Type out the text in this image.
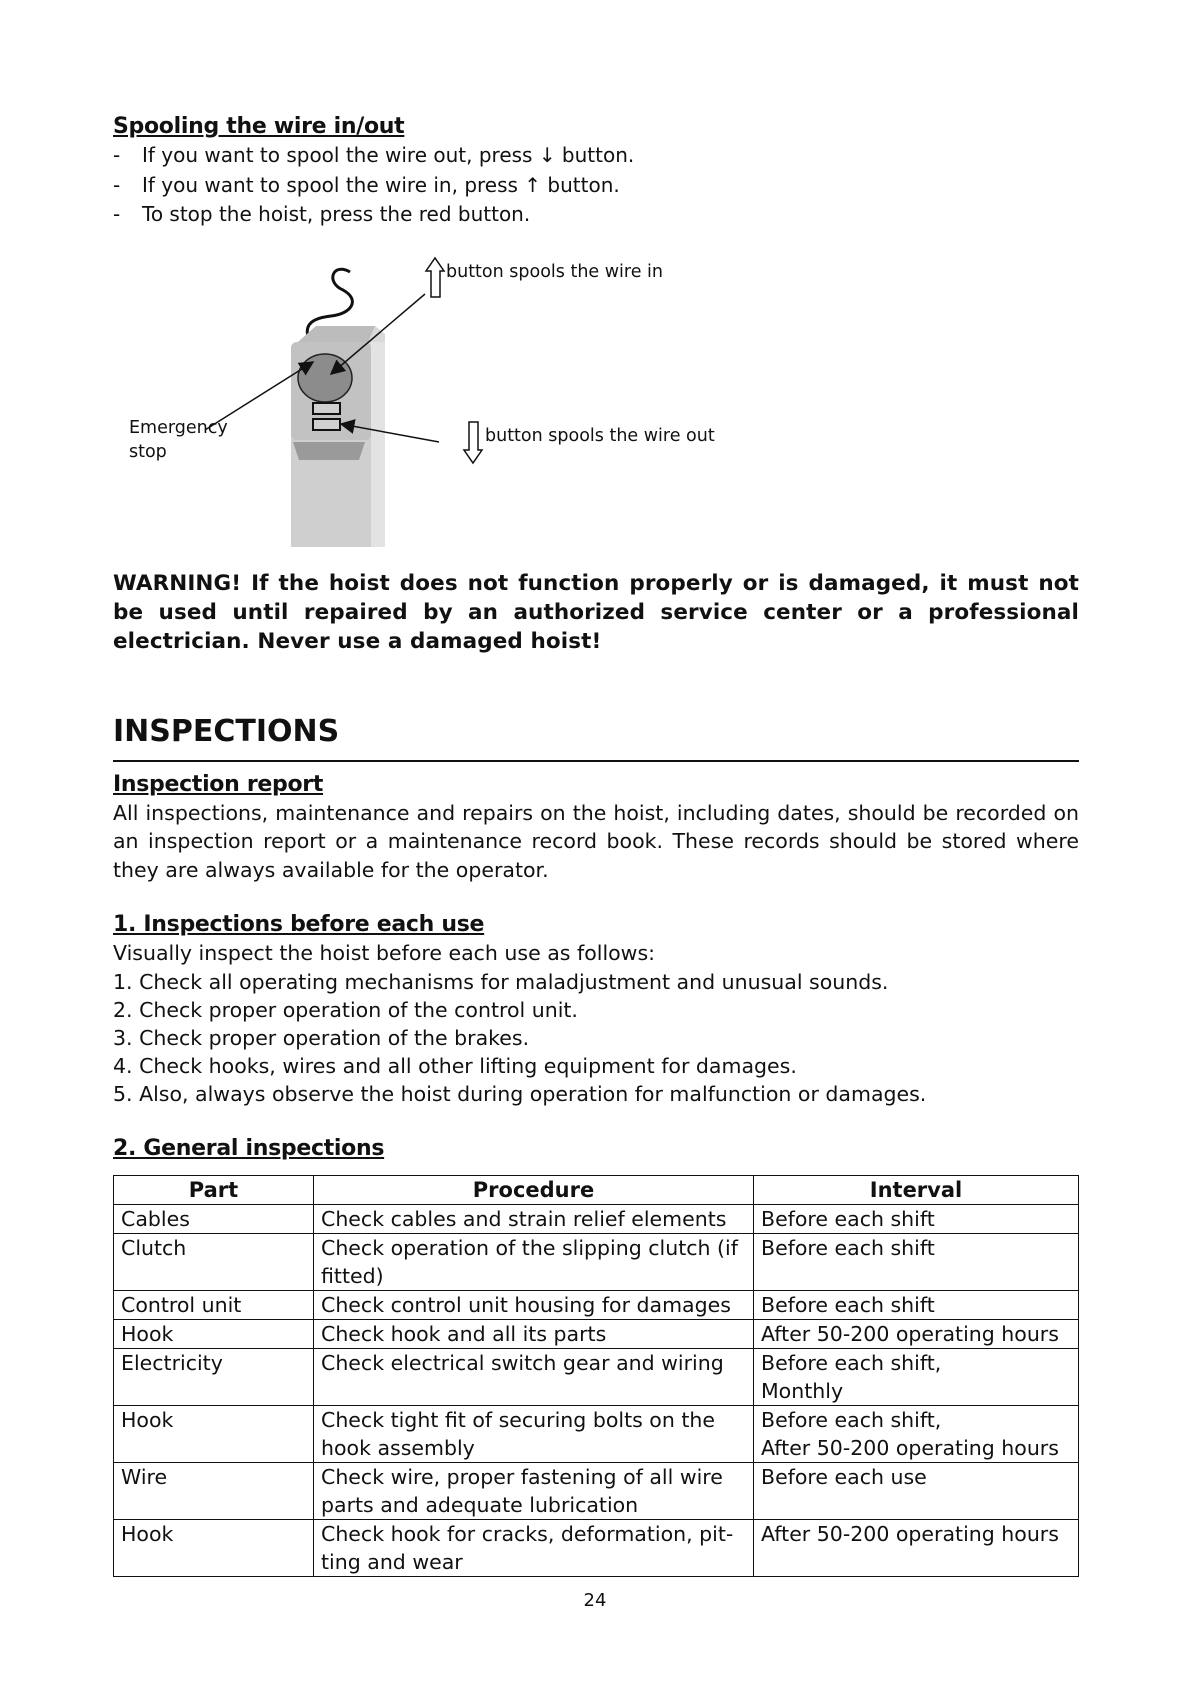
Spooling the wire in/out
- If you want to spool the wire out, press ↓ button.
- If you want to spool the wire in, press ↑ button.
- To stop the hoist, press the red button.
button spools the wire in
button spools the wire out
Emergency
stop

WARNING! If the hoist does not function properly or is damaged, it must not be used until repaired by an authorized service center or a professional electrician. Never use a damaged hoist!

INSPECTIONS
Inspection report

All inspections, maintenance and repairs on the hoist, including dates, should be recorded on an inspection report or a maintenance record book. These records should be stored where they are always available for the operator.

1. Inspections before each use

Visually inspect the hoist before each use as follows:

1. Check all operating mechanisms for maladjustment and unusual sounds.
2. Check proper operation of the control unit.
3. Check proper operation of the brakes.
4. Check hooks, wires and all other lifting equipment for damages.
5. Also, always observe the hoist during operation for malfunction or damages.
2. General inspections
Part	Procedure	Interval
Cables	Check cables and strain relief elements	Before each shift

Clutch	Check operation of the slipping clutch (if fitted)	Before each shift

Control unit	Check control unit housing for damages	Before each shift

Hook	Check hook and all its parts	After 50-200 operating hours

Electricity	Check electrical switch gear and wiring	Before each shift,
Monthly

Hook	Check tight fit of securing bolts on the hook assembly	Before each shift,
After 50-200 operating hours

Wire	Check wire, proper fastening of all wire parts and adequate lubrication	Before each use

Hook	Check hook for cracks, deformation, pit-ting and wear	After 50-200 operating hours
24
